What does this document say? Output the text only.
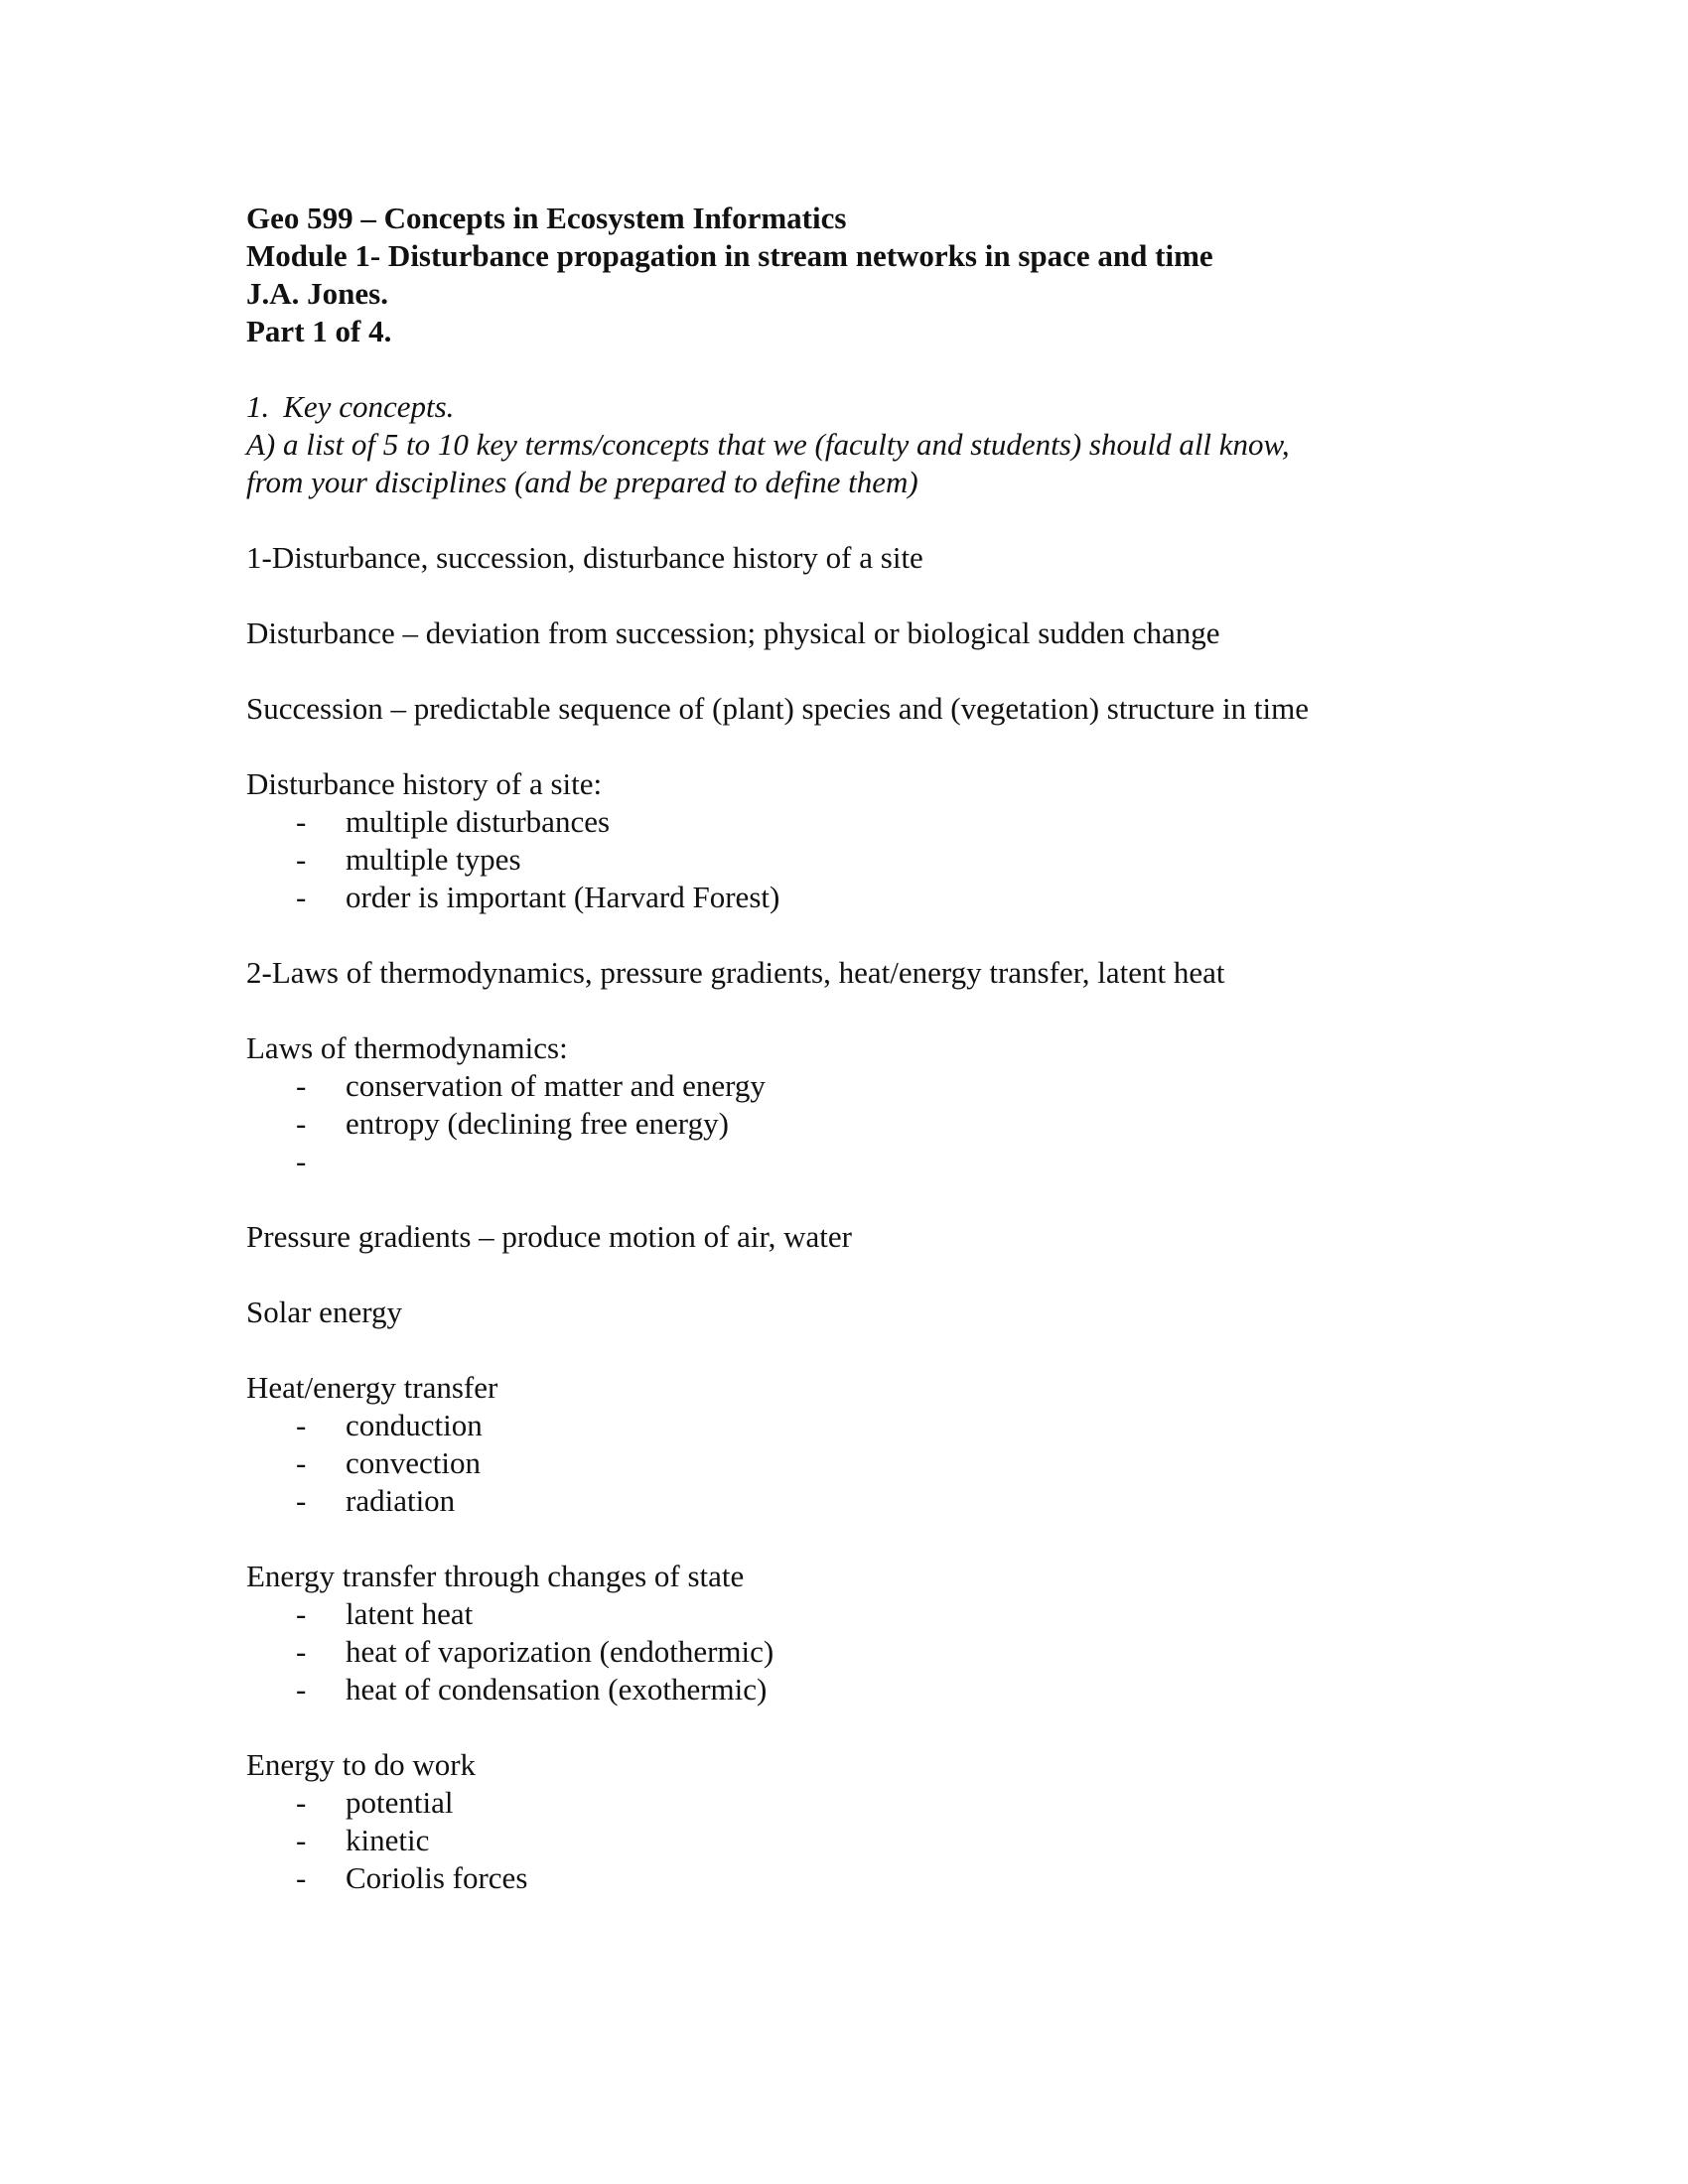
Geo 599 – Concepts in Ecosystem Informatics
Module 1- Disturbance propagation in stream networks in space and time
J.A. Jones.
Part 1 of 4.
1. Key concepts.
A) a list of 5 to 10 key terms/concepts that we (faculty and students) should all know,
from your disciplines (and be prepared to define them)
1-Disturbance, succession, disturbance history of a site
Disturbance – deviation from succession; physical or biological sudden change
Succession – predictable sequence of (plant) species and (vegetation) structure in time
Disturbance history of a site:
- multiple disturbances
- multiple types
- order is important (Harvard Forest)
2-Laws of thermodynamics, pressure gradients, heat/energy transfer, latent heat
Laws of thermodynamics:
- conservation of matter and energy
- entropy (declining free energy)
-
Pressure gradients – produce motion of air, water
Solar energy
Heat/energy transfer
- conduction
- convection
- radiation
Energy transfer through changes of state
- latent heat
- heat of vaporization (endothermic)
- heat of condensation (exothermic)
Energy to do work
- potential
- kinetic
- Coriolis forces
